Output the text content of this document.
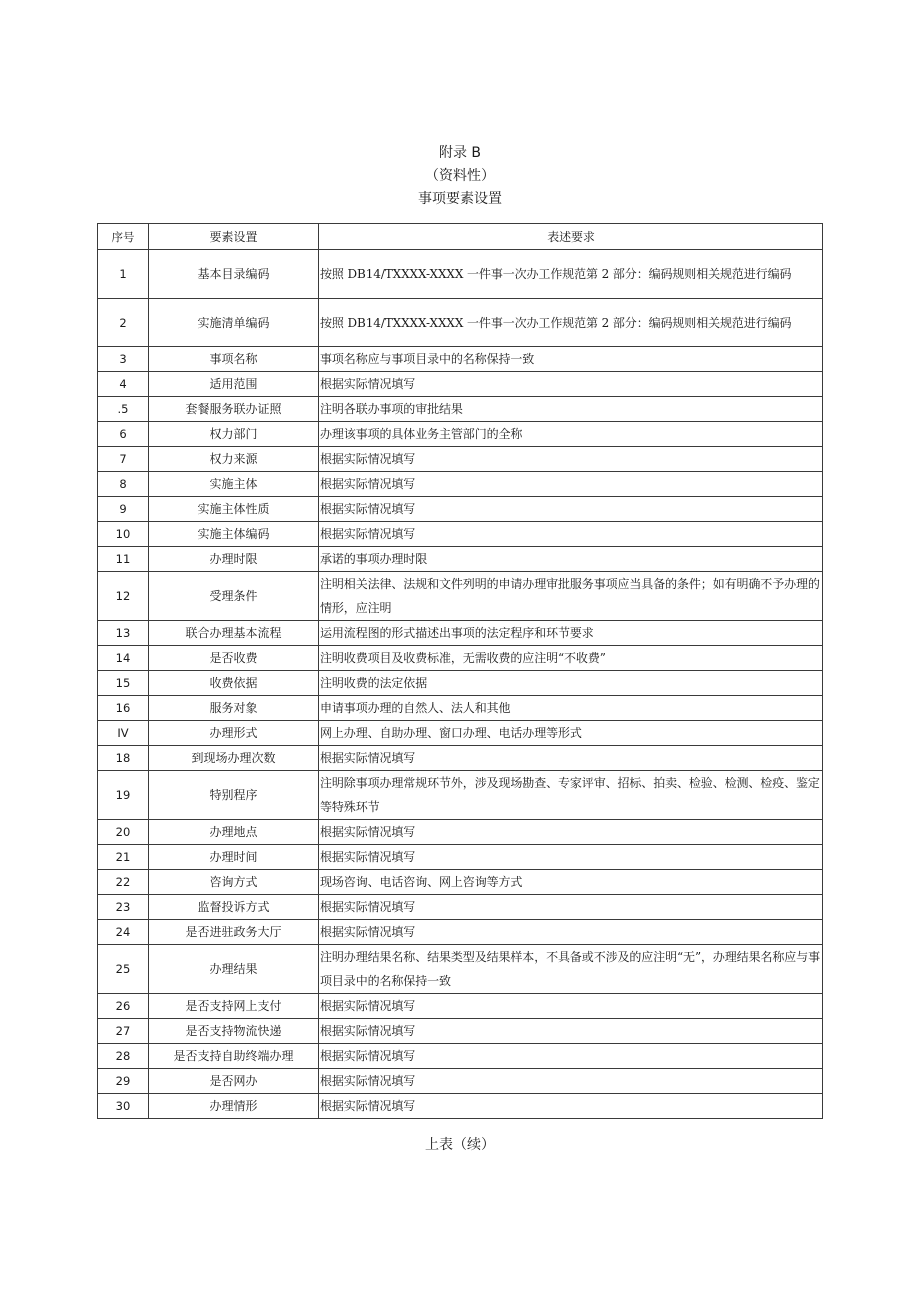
附录 B
（资料性）
事项要素设置
序号	要素设置	表述要求
1	基本目录编码	按照 DB14/TXXXX-XXXX 一件事一次办工作规范第 2 部分：编码规则相关规范进行编码
2	实施清单编码	按照 DB14/TXXXX-XXXX 一件事一次办工作规范第 2 部分：编码规则相关规范进行编码
3	事项名称	事项名称应与事项目录中的名称保持一致
4	适用范围	根据实际情况填写
.5	套餐服务联办证照	注明各联办事项的审批结果
6	权力部门	办理该事项的具体业务主管部门的全称
7	权力来源	根据实际情况填写
8	实施主体	根据实际情况填写
9	实施主体性质	根据实际情况填写
10	实施主体编码	根据实际情况填写
11	办理时限	承诺的事项办理时限
12	受理条件	注明相关法律、法规和文件列明的申请办理审批服务事项应当具备的条件；如有明确不予办理的情形，应注明
13	联合办理基本流程	运用流程图的形式描述出事项的法定程序和环节要求
14	是否收费	注明收费项目及收费标准，无需收费的应注明“不收费”
15	收费依据	注明收费的法定依据
16	服务对象	申请事项办理的自然人、法人和其他
IV	办理形式	网上办理、自助办理、窗口办理、电话办理等形式
18	到现场办理次数	根据实际情况填写
19	特别程序	注明除事项办理常规环节外，涉及现场勘查、专家评审、招标、拍卖、检验、检测、检疫、鉴定等特殊环节
20	办理地点	根据实际情况填写
21	办理时间	根据实际情况填写
22	咨询方式	现场咨询、电话咨询、网上咨询等方式
23	监督投诉方式	根据实际情况填写
24	是否进驻政务大厅	根据实际情况填写
25	办理结果	注明办理结果名称、结果类型及结果样本，不具备或不涉及的应注明“无”，办理结果名称应与事项目录中的名称保持一致
26	是否支持网上支付	根据实际情况填写
27	是否支持物流快递	根据实际情况填写
28	是否支持自助终端办理	根据实际情况填写
29	是否网办	根据实际情况填写
30	办理情形	根据实际情况填写
上表（续）
